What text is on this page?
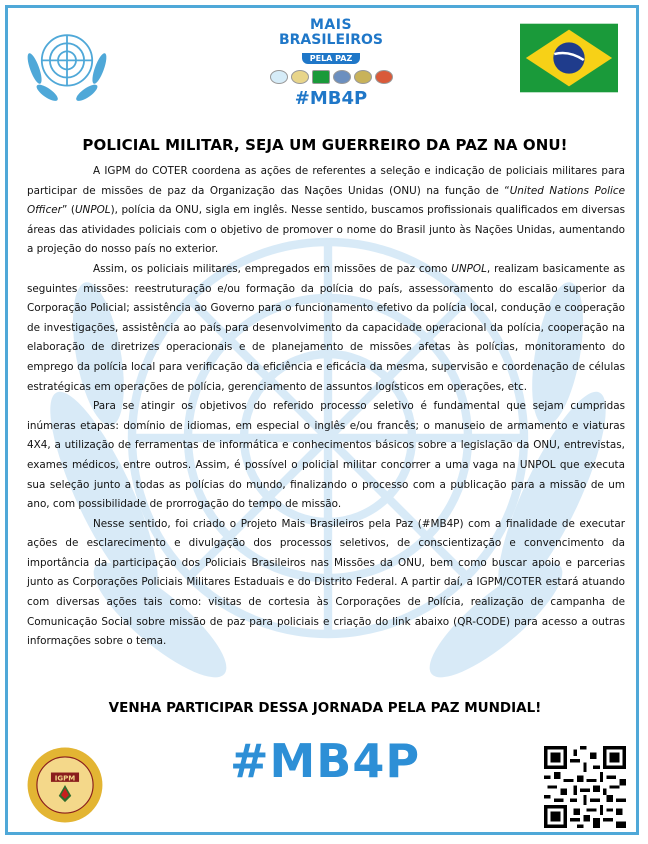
MAIS
BRASILEIROS
PELA PAZ
#MB4P
POLICIAL MILITAR, SEJA UM GUERREIRO DA PAZ NA ONU!

A IGPM do COTER coordena as ações de referentes a seleção e indicação de policiais militares para participar de missões de paz da Organização das Nações Unidas (ONU) na função de “United Nations Police Officer” (UNPOL), polícia da ONU, sigla em inglês. Nesse sentido, buscamos profissionais qualificados em diversas áreas das atividades policiais com o objetivo de promover o nome do Brasil junto às Nações Unidas, aumentando a projeção do nosso país no exterior.

Assim, os policiais militares, empregados em missões de paz como UNPOL, realizam basicamente as seguintes missões: reestruturação e/ou formação da polícia do país, assessoramento do escalão superior da Corporação Policial; assistência ao Governo para o funcionamento efetivo da polícia local, condução e cooperação de investigações, assistência ao país para desenvolvimento da capacidade operacional da polícia, cooperação na elaboração de diretrizes operacionais e de planejamento de missões afetas às polícias, monitoramento do emprego da polícia local para verificação da eficiência e eficácia da mesma, supervisão e coordenação de células estratégicas em operações de polícia, gerenciamento de assuntos logísticos em operações, etc.

Para se atingir os objetivos do referido processo seletivo é fundamental que sejam cumpridas inúmeras etapas: domínio de idiomas, em especial o inglês e/ou francês; o manuseio de armamento e viaturas 4X4, a utilização de ferramentas de informática e conhecimentos básicos sobre a legislação da ONU, entrevistas, exames médicos, entre outros. Assim, é possível o policial militar concorrer a uma vaga na UNPOL que executa sua seleção junto a todas as polícias do mundo, finalizando o processo com a publicação para a missão de um ano, com possibilidade de prorrogação do tempo de missão.

Nesse sentido, foi criado o Projeto Mais Brasileiros pela Paz (#MB4P) com a finalidade de executar ações de esclarecimento e divulgação dos processos seletivos, de conscientização e convencimento da importância da participação dos Policiais Brasileiros nas Missões da ONU, bem como buscar apoio e parcerias junto as Corporações Policiais Militares Estaduais e do Distrito Federal. A partir daí, a IGPM/COTER estará atuando com diversas ações tais como: visitas de cortesia às Corporações de Polícia, realização de campanha de Comunicação Social sobre missão de paz para policiais e criação do link abaixo (QR-CODE) para acesso a outras informações sobre o tema.

VENHA PARTICIPAR DESSA JORNADA PELA PAZ MUNDIAL!
#MB4P
IGPM
